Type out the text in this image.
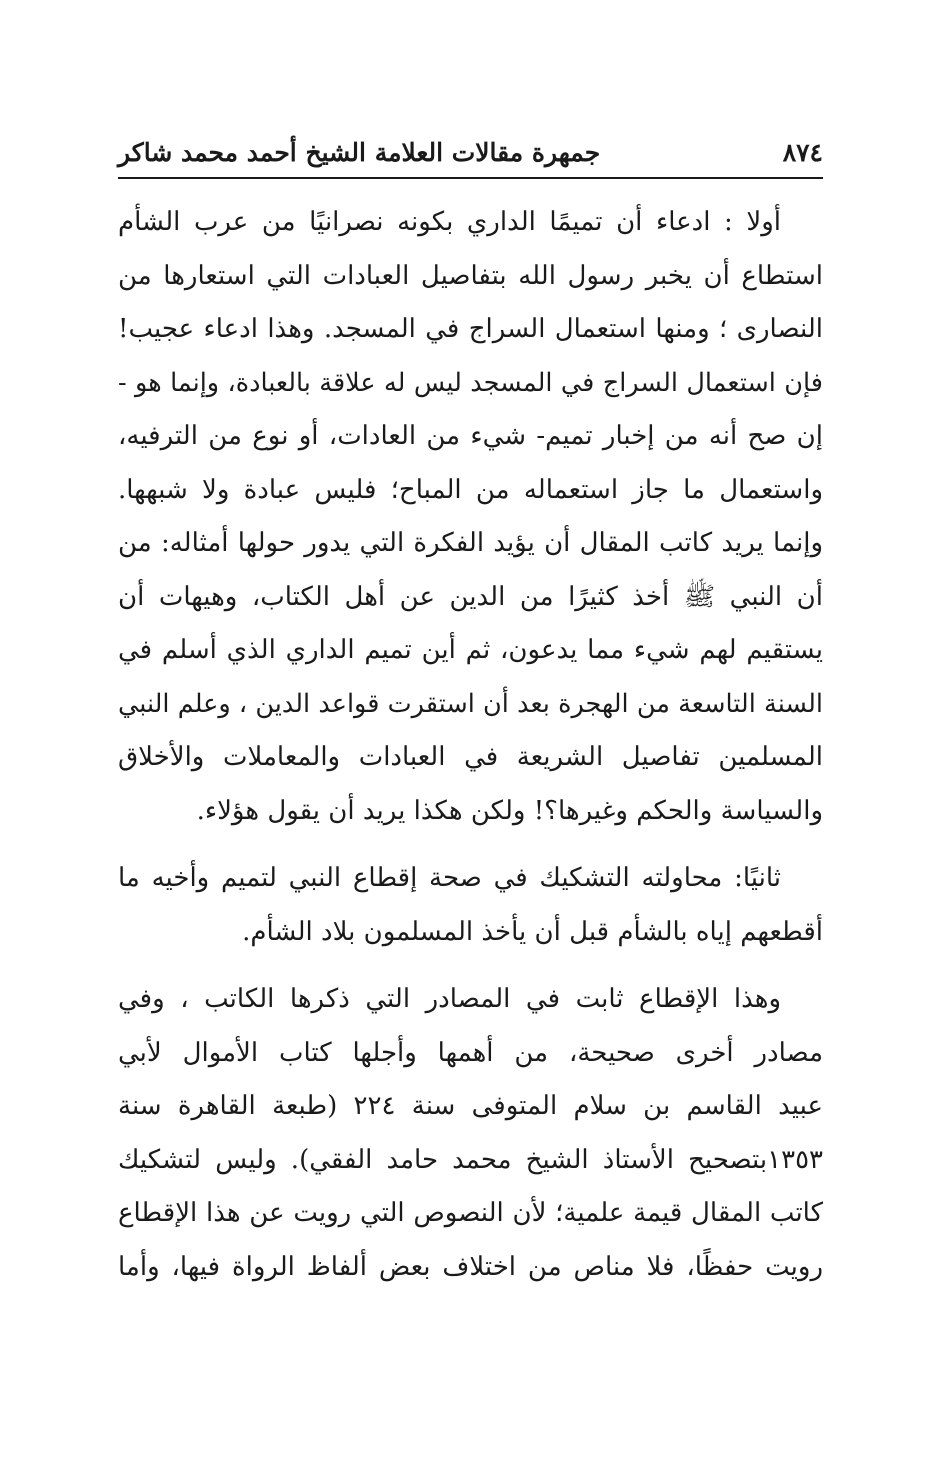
٨٧٤
جمهرة مقالات العلامة الشيخ أحمد محمد شاكر
أولا : ادعاء أن تميمًا الداري بكونه نصرانيًا من عرب الشأم
استطاع أن يخبر رسول الله بتفاصيل العبادات التي استعارها من
النصارى ؛ ومنها استعمال السراج في المسجد. وهذا ادعاء عجيب!
فإن استعمال السراج في المسجد ليس له علاقة بالعبادة، وإنما هو -
إن صح أنه من إخبار تميم- شيء من العادات، أو نوع من الترفيه،
واستعمال ما جاز استعماله من المباح؛ فليس عبادة ولا شبهها.
وإنما يريد كاتب المقال أن يؤيد الفكرة التي يدور حولها أمثاله: من
أن النبي ﷺ أخذ كثيرًا من الدين عن أهل الكتاب، وهيهات أن
يستقيم لهم شيء مما يدعون، ثم أين تميم الداري الذي أسلم في
السنة التاسعة من الهجرة بعد أن استقرت قواعد الدين ، وعلم النبي
المسلمين تفاصيل الشريعة في العبادات والمعاملات والأخلاق
والسياسة والحكم وغيرها؟! ولكن هكذا يريد أن يقول هؤلاء.
ثانيًا: محاولته التشكيك في صحة إقطاع النبي لتميم وأخيه ما
أقطعهم إياه بالشأم قبل أن يأخذ المسلمون بلاد الشأم.
وهذا الإقطاع ثابت في المصادر التي ذكرها الكاتب ، وفي
مصادر أخرى صحيحة، من أهمها وأجلها كتاب الأموال لأبي
عبيد القاسم بن سلام المتوفى سنة ٢٢٤ (طبعة القاهرة سنة
١٣٥٣بتصحيح الأستاذ الشيخ محمد حامد الفقي). وليس لتشكيك
كاتب المقال قيمة علمية؛ لأن النصوص التي رويت عن هذا الإقطاع
رويت حفظًا، فلا مناص من اختلاف بعض ألفاظ الرواة فيها، وأما
